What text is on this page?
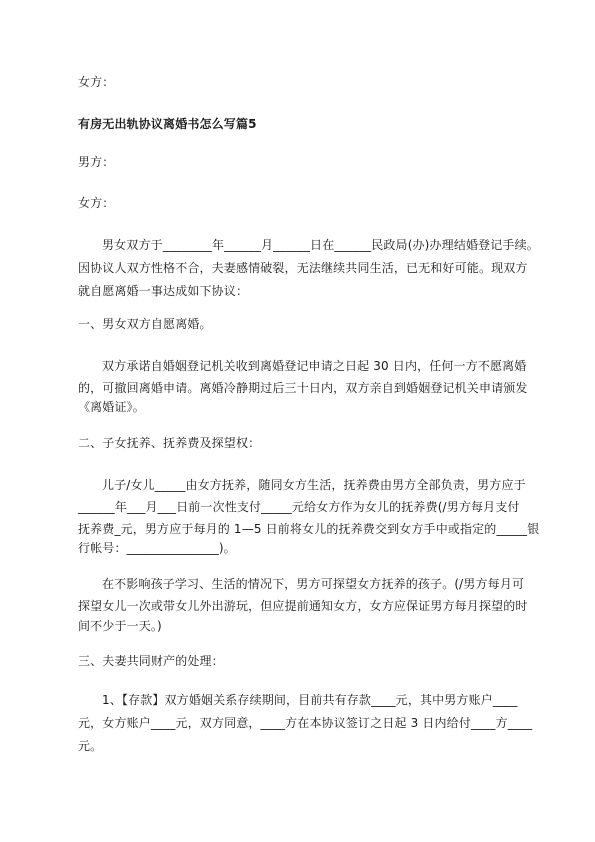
女方：
有房无出轨协议离婚书怎么写篇5
男方：
女方：
男女双方于________年______月______日在______民政局(办)办理结婚登记手续。
因协议人双方性格不合，夫妻感情破裂，无法继续共同生活，已无和好可能。现双方
就自愿离婚一事达成如下协议：
一、男女双方自愿离婚。
双方承诺自婚姻登记机关收到离婚登记申请之日起 30 日内，任何一方不愿离婚
的，可撤回离婚申请。离婚冷静期过后三十日内，双方亲自到婚姻登记机关申请颁发
《离婚证》。
二、子女抚养、抚养费及探望权：
儿子/女儿_____由女方抚养，随同女方生活，抚养费由男方全部负责，男方应于
______年___月___日前一次性支付_____元给女方作为女儿的抚养费(/男方每月支付
抚养费_元，男方应于每月的 1—5 日前将女儿的抚养费交到女方手中或指定的_____银
行帐号：_______________)。
在不影响孩子学习、生活的情况下，男方可探望女方抚养的孩子。(/男方每月可
探望女儿一次或带女儿外出游玩，但应提前通知女方，女方应保证男方每月探望的时
间不少于一天。)
三、夫妻共同财产的处理：
1、【存款】双方婚姻关系存续期间，目前共有存款____元，其中男方账户____
元，女方账户____元，双方同意，____方在本协议签订之日起 3 日内给付____方____
元。
